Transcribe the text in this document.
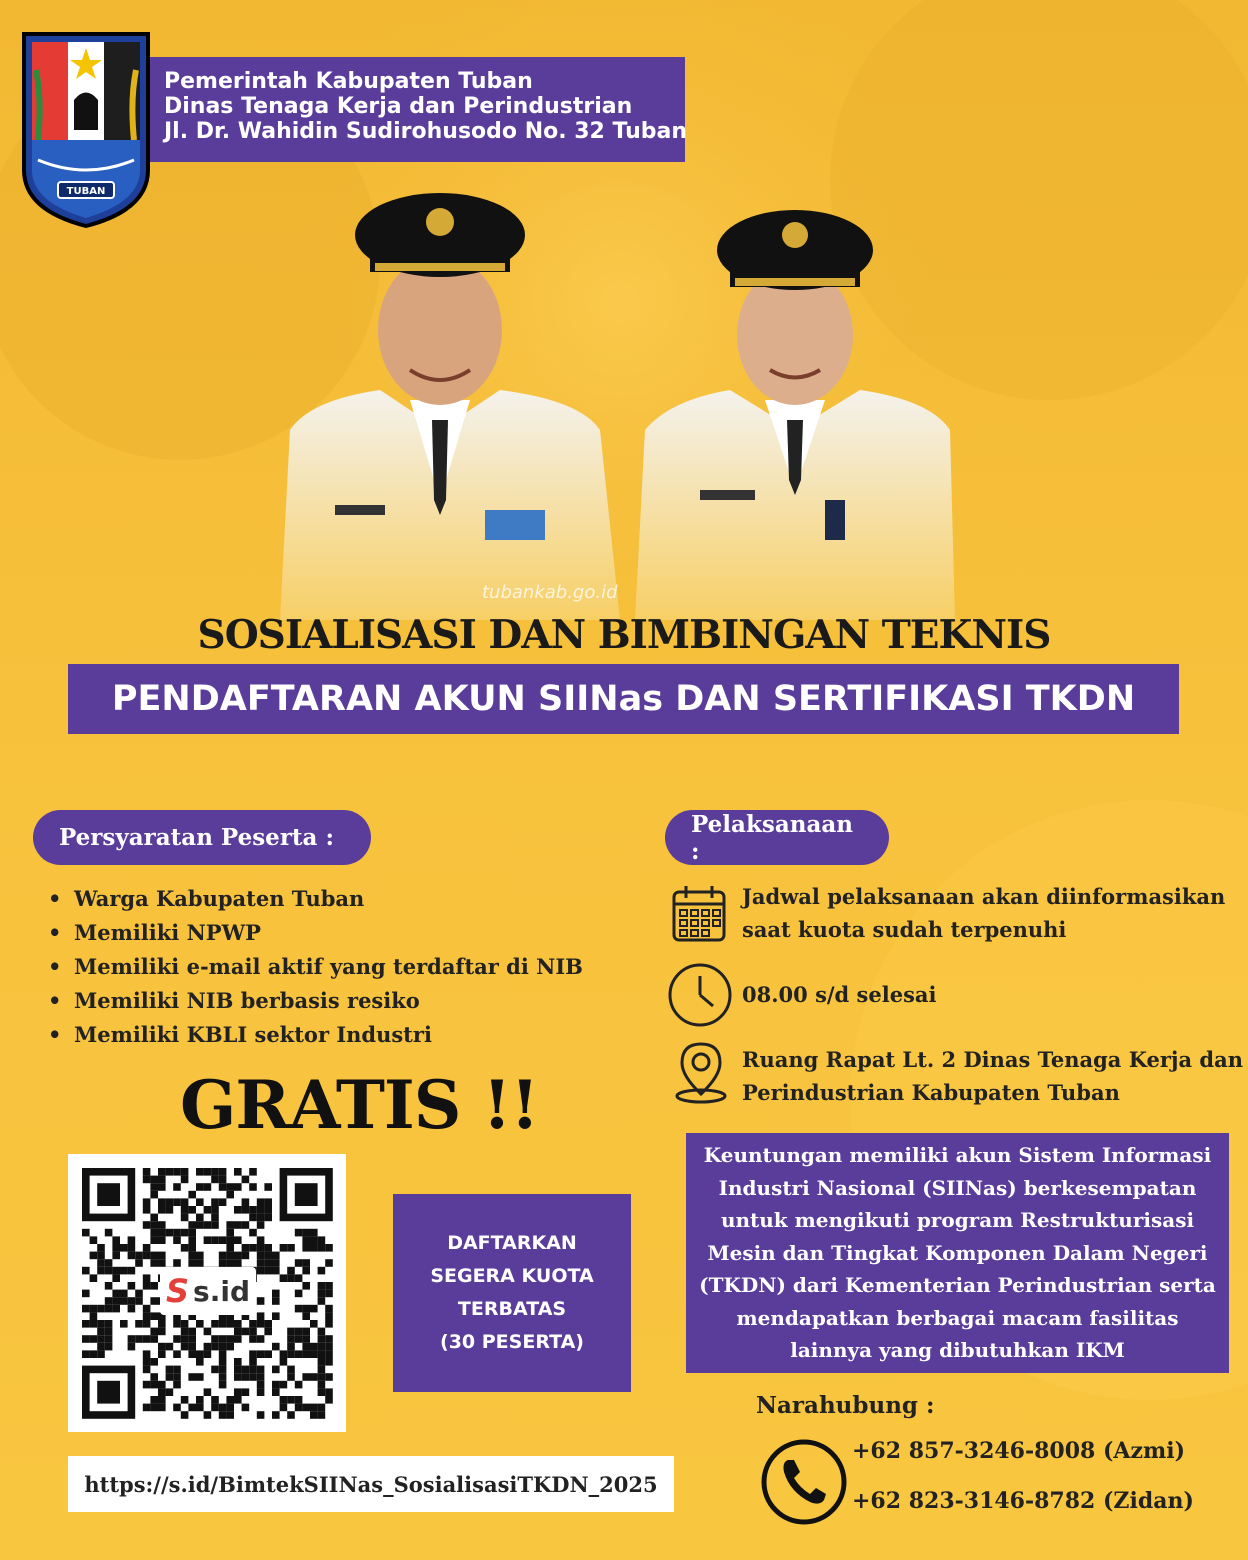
TUBAN
Pemerintah Kabupaten Tuban
Dinas Tenaga Kerja dan Perindustrian
Jl. Dr. Wahidin Sudirohusodo No. 32 Tuban
tubankab.go.id
SOSIALISASI DAN BIMBINGAN TEKNIS
PENDAFTARAN AKUN SIINas DAN SERTIFIKASI TKDN
Persyaratan Peserta :
• Warga Kabupaten Tuban
• Memiliki NPWP
• Memiliki e-mail aktif yang terdaftar di NIB
• Memiliki NIB berbasis resiko
• Memiliki KBLI sektor Industri
GRATIS !!
S s.id
DAFTARKAN
SEGERA KUOTA
TERBATAS
(30 PESERTA)
https://s.id/BimtekSIINas_SosialisasiTKDN_2025
Pelaksanaan :
Jadwal pelaksanaan akan diinformasikan
saat kuota sudah terpenuhi
08.00 s/d selesai
Ruang Rapat Lt. 2 Dinas Tenaga Kerja dan
Perindustrian Kabupaten Tuban
Keuntungan memiliki akun Sistem Informasi
Industri Nasional (SIINas) berkesempatan
untuk mengikuti program Restrukturisasi
Mesin dan Tingkat Komponen Dalam Negeri
(TKDN) dari Kementerian Perindustrian serta
mendapatkan berbagai macam fasilitas
lainnya yang dibutuhkan IKM
Narahubung :
+62 857-3246-8008 (Azmi)
+62 823-3146-8782 (Zidan)
